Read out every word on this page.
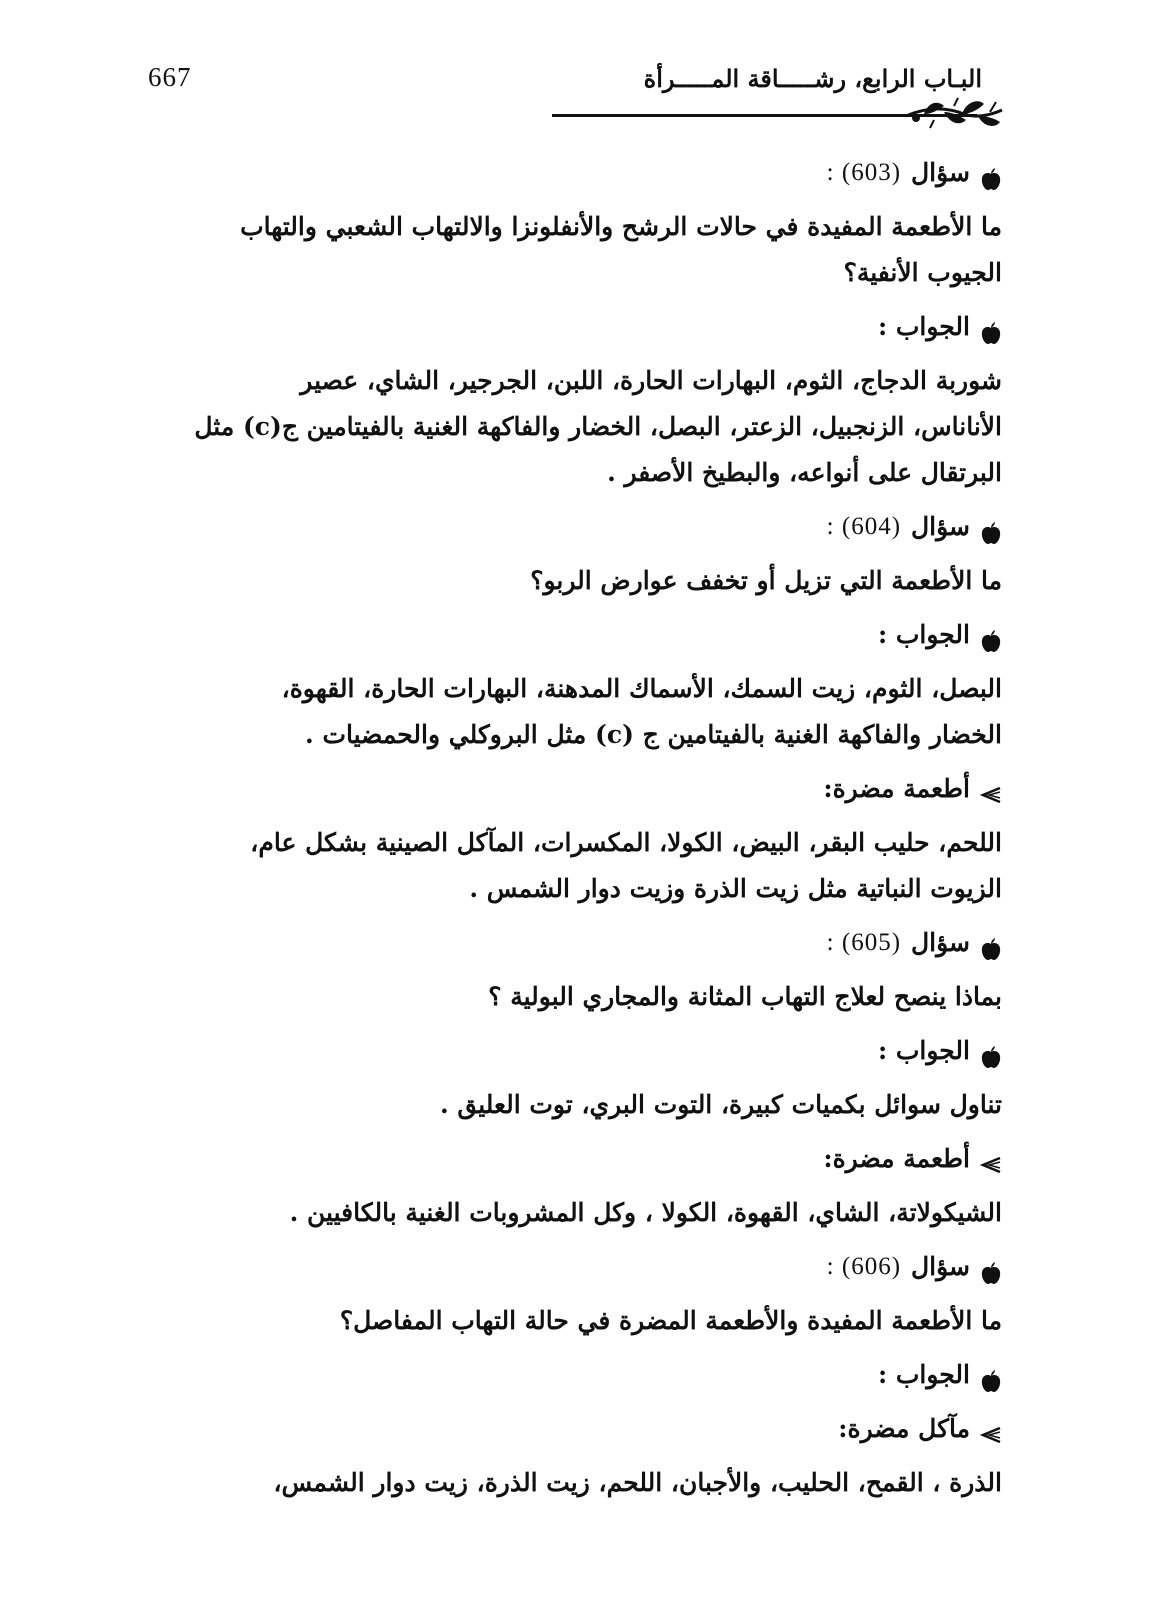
667	البـاب الرابع، رشـــــاقة المـــــرأة
سؤال
(603) :
ما الأطعمة المفيدة في حالات الرشح والأنفلونزا والالتهاب الشعبي والتهاب
الجيوب الأنفية؟
الجواب :
شوربة الدجاج، الثوم، البهارات الحارة، اللبن، الجرجير، الشاي، عصير
الأناناس، الزنجبيل، الزعتر، البصل، الخضار والفاكهة الغنية بالفيتامين ج(c) مثل
البرتقال على أنواعه، والبطيخ الأصفر .
سؤال
(604) :
ما الأطعمة التي تزيل أو تخفف عوارض الربو؟
الجواب :
البصل، الثوم، زيت السمك، الأسماك المدهنة، البهارات الحارة، القهوة،
الخضار والفاكهة الغنية بالفيتامين ج (c) مثل البروكلي والحمضيات .
أطعمة مضرة:
اللحم، حليب البقر، البيض، الكولا، المكسرات، المآكل الصينية بشكل عام،
الزيوت النباتية مثل زيت الذرة وزيت دوار الشمس .
سؤال
(605) :
بماذا ينصح لعلاج التهاب المثانة والمجاري البولية ؟
الجواب :
تناول سوائل بكميات كبيرة، التوت البري، توت العليق .
أطعمة مضرة:
الشيكولاتة، الشاي، القهوة، الكولا ، وكل المشروبات الغنية بالكافيين .
سؤال
(606) :
ما الأطعمة المفيدة والأطعمة المضرة في حالة التهاب المفاصل؟
الجواب :
مآكل مضرة:
الذرة ، القمح، الحليب، والأجبان، اللحم، زيت الذرة، زيت دوار الشمس،
